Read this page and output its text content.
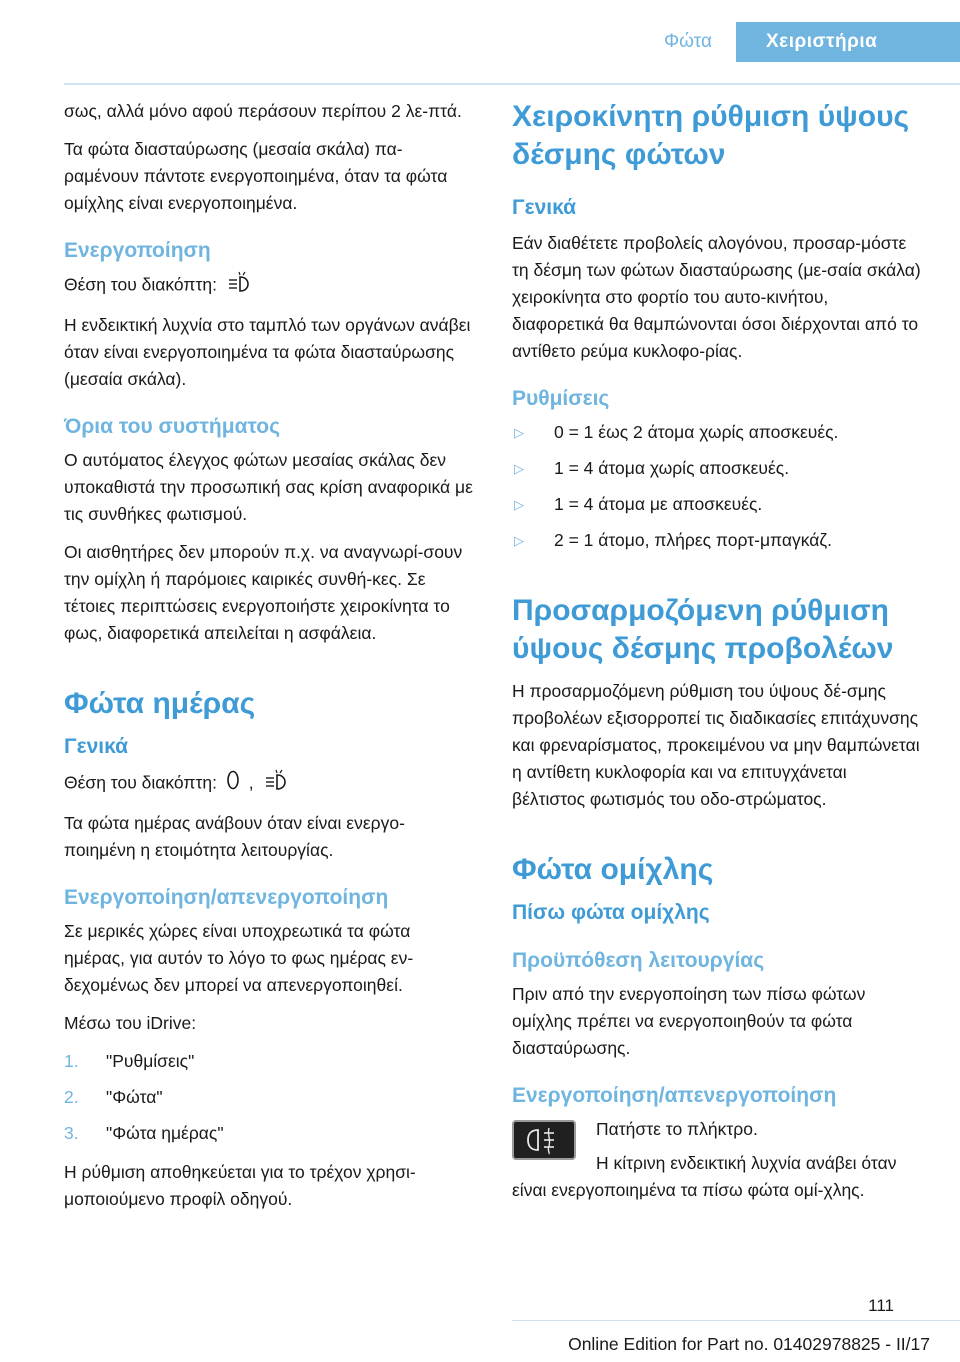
Φώτα	Χειριστήρια

σως, αλλά μόνο αφού περάσουν περίπου 2 λε‐πτά.

Τα φώτα διασταύρωσης (μεσαία σκάλα) πα‐ραμένουν πάντοτε ενεργοποιημένα, όταν τα φώτα ομίχλης είναι ενεργοποιημένα.

Ενεργοποίηση

Θέση του διακόπτη:

Η ενδεικτική λυχνία στο ταμπλό των οργάνων ανάβει όταν είναι ενεργοποιημένα τα φώτα διασταύρωσης (μεσαία σκάλα).

Όρια του συστήματος

Ο αυτόματος έλεγχος φώτων μεσαίας σκάλας δεν υποκαθιστά την προσωπική σας κρίση αναφορικά με τις συνθήκες φωτισμού.

Οι αισθητήρες δεν μπορούν π.χ. να αναγνωρί‐σουν την ομίχλη ή παρόμοιες καιρικές συνθή‐κες. Σε τέτοιες περιπτώσεις ενεργοποιήστε χειροκίνητα το φως, διαφορετικά απειλείται η ασφάλεια.

Φώτα ημέρας
Γενικά

Θέση του διακόπτη: ,

Τα φώτα ημέρας ανάβουν όταν είναι ενεργο‐ποιημένη η ετοιμότητα λειτουργίας.

Ενεργοποίηση/απενεργοποίηση

Σε μερικές χώρες είναι υποχρεωτικά τα φώτα ημέρας, για αυτόν το λόγο το φως ημέρας εν‐δεχομένως δεν μπορεί να απενεργοποιηθεί.

Μέσω του iDrive:

1. "Ρυθμίσεις"
2. "Φώτα"
3. "Φώτα ημέρας"

Η ρύθμιση αποθηκεύεται για το τρέχον χρησι‐μοποιούμενο προφίλ οδηγού.

Χειροκίνητη ρύθμιση ύψους δέσμης φώτων
Γενικά

Εάν διαθέτετε προβολείς αλογόνου, προσαρ‐μόστε τη δέσμη των φώτων διασταύρωσης (με‐σαία σκάλα) χειροκίνητα στο φορτίο του αυτο‐κινήτου, διαφορετικά θα θαμπώνονται όσοι διέρχονται από το αντίθετο ρεύμα κυκλοφο‐ρίας.

Ρυθμίσεις
▷ 0 = 1 έως 2 άτομα χωρίς αποσκευές.
▷ 1 = 4 άτομα χωρίς αποσκευές.
▷ 1 = 4 άτομα με αποσκευές.
▷ 2 = 1 άτομο, πλήρες πορτ-μπαγκάζ.
Προσαρμοζόμενη ρύθμιση ύψους δέσμης προβολέων

Η προσαρμοζόμενη ρύθμιση του ύψους δέ‐σμης προβολέων εξισορροπεί τις διαδικασίες επιτάχυνσης και φρεναρίσματος, προκειμένου να μην θαμπώνεται η αντίθετη κυκλοφορία και να επιτυγχάνεται βέλτιστος φωτισμός του οδο‐στρώματος.

Φώτα ομίχλης
Πίσω φώτα ομίχλης
Προϋπόθεση λειτουργίας

Πριν από την ενεργοποίηση των πίσω φώτων ομίχλης πρέπει να ενεργοποιηθούν τα φώτα διασταύρωσης.

Ενεργοποίηση/απενεργοποίηση

Πατήστε το πλήκτρο.

Η κίτρινη ενδεικτική λυχνία ανάβει όταν είναι ενεργοποιημένα τα πίσω φώτα ομί‐χλης.

111
Online Edition for Part no. 01402978825 - II/17
